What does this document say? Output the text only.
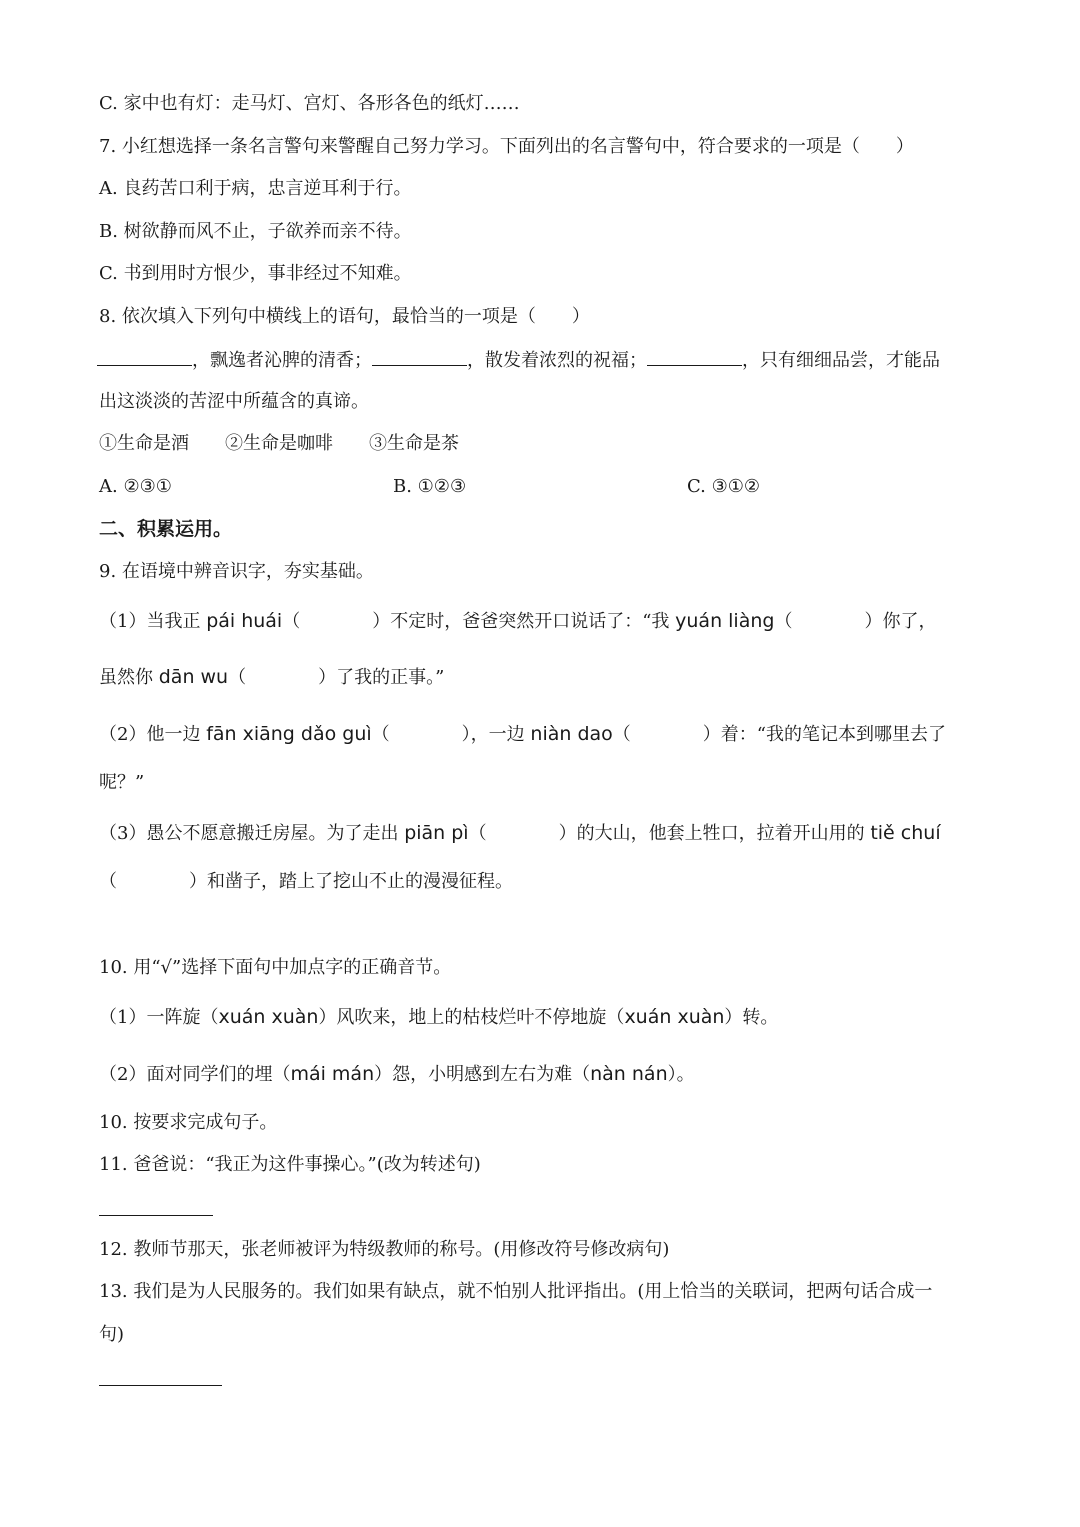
C. 家中也有灯：走马灯、宫灯、各形各色的纸灯……
7. 小红想选择一条名言警句来警醒自己努力学习。下面列出的名言警句中，符合要求的一项是（　　）
A. 良药苦口利于病，忠言逆耳利于行。
B. 树欲静而风不止，子欲养而亲不待。
C. 书到用时方恨少，事非经过不知难。
8. 依次填入下列句中横线上的语句，最恰当的一项是（　　）
，飘逸者沁脾的清香；	，散发着浓烈的祝福；	，只有细细品尝，才能品
出这淡淡的苦涩中所蕴含的真谛。
①生命是酒　　②生命是咖啡　　③生命是茶
A. ②③①	B. ①②③	C. ③①②
二、积累运用。
9. 在语境中辨音识字，夯实基础。
（1）当我正 pái huái（　　　　）不定时，爸爸突然开口说话了：“我 yuán liàng（　　　　）你了，
虽然你 dān wu（　　　　）了我的正事。”
（2）他一边 fān xiāng dǎo guì（　　　　），一边 niàn dao（　　　　）着：“我的笔记本到哪里去了
呢？”
（3）愚公不愿意搬迁房屋。为了走出 piān pì（　　　　）的大山，他套上牲口，拉着开山用的 tiě chuí
（　　　　）和凿子，踏上了挖山不止的漫漫征程。
10. 用“√”选择下面句中加点字的正确音节。
（1）一阵旋（xuán xuàn）风吹来，地上的枯枝烂叶不停地旋（xuán xuàn）转。
（2）面对同学们的埋（mái mán）怨，小明感到左右为难（nàn nán）。
10. 按要求完成句子。
11. 爸爸说：“我正为这件事操心。”(改为转述句)
12. 教师节那天，张老师被评为特级教师的称号。(用修改符号修改病句)
13. 我们是为人民服务的。我们如果有缺点，就不怕别人批评指出。(用上恰当的关联词，把两句话合成一
句)
